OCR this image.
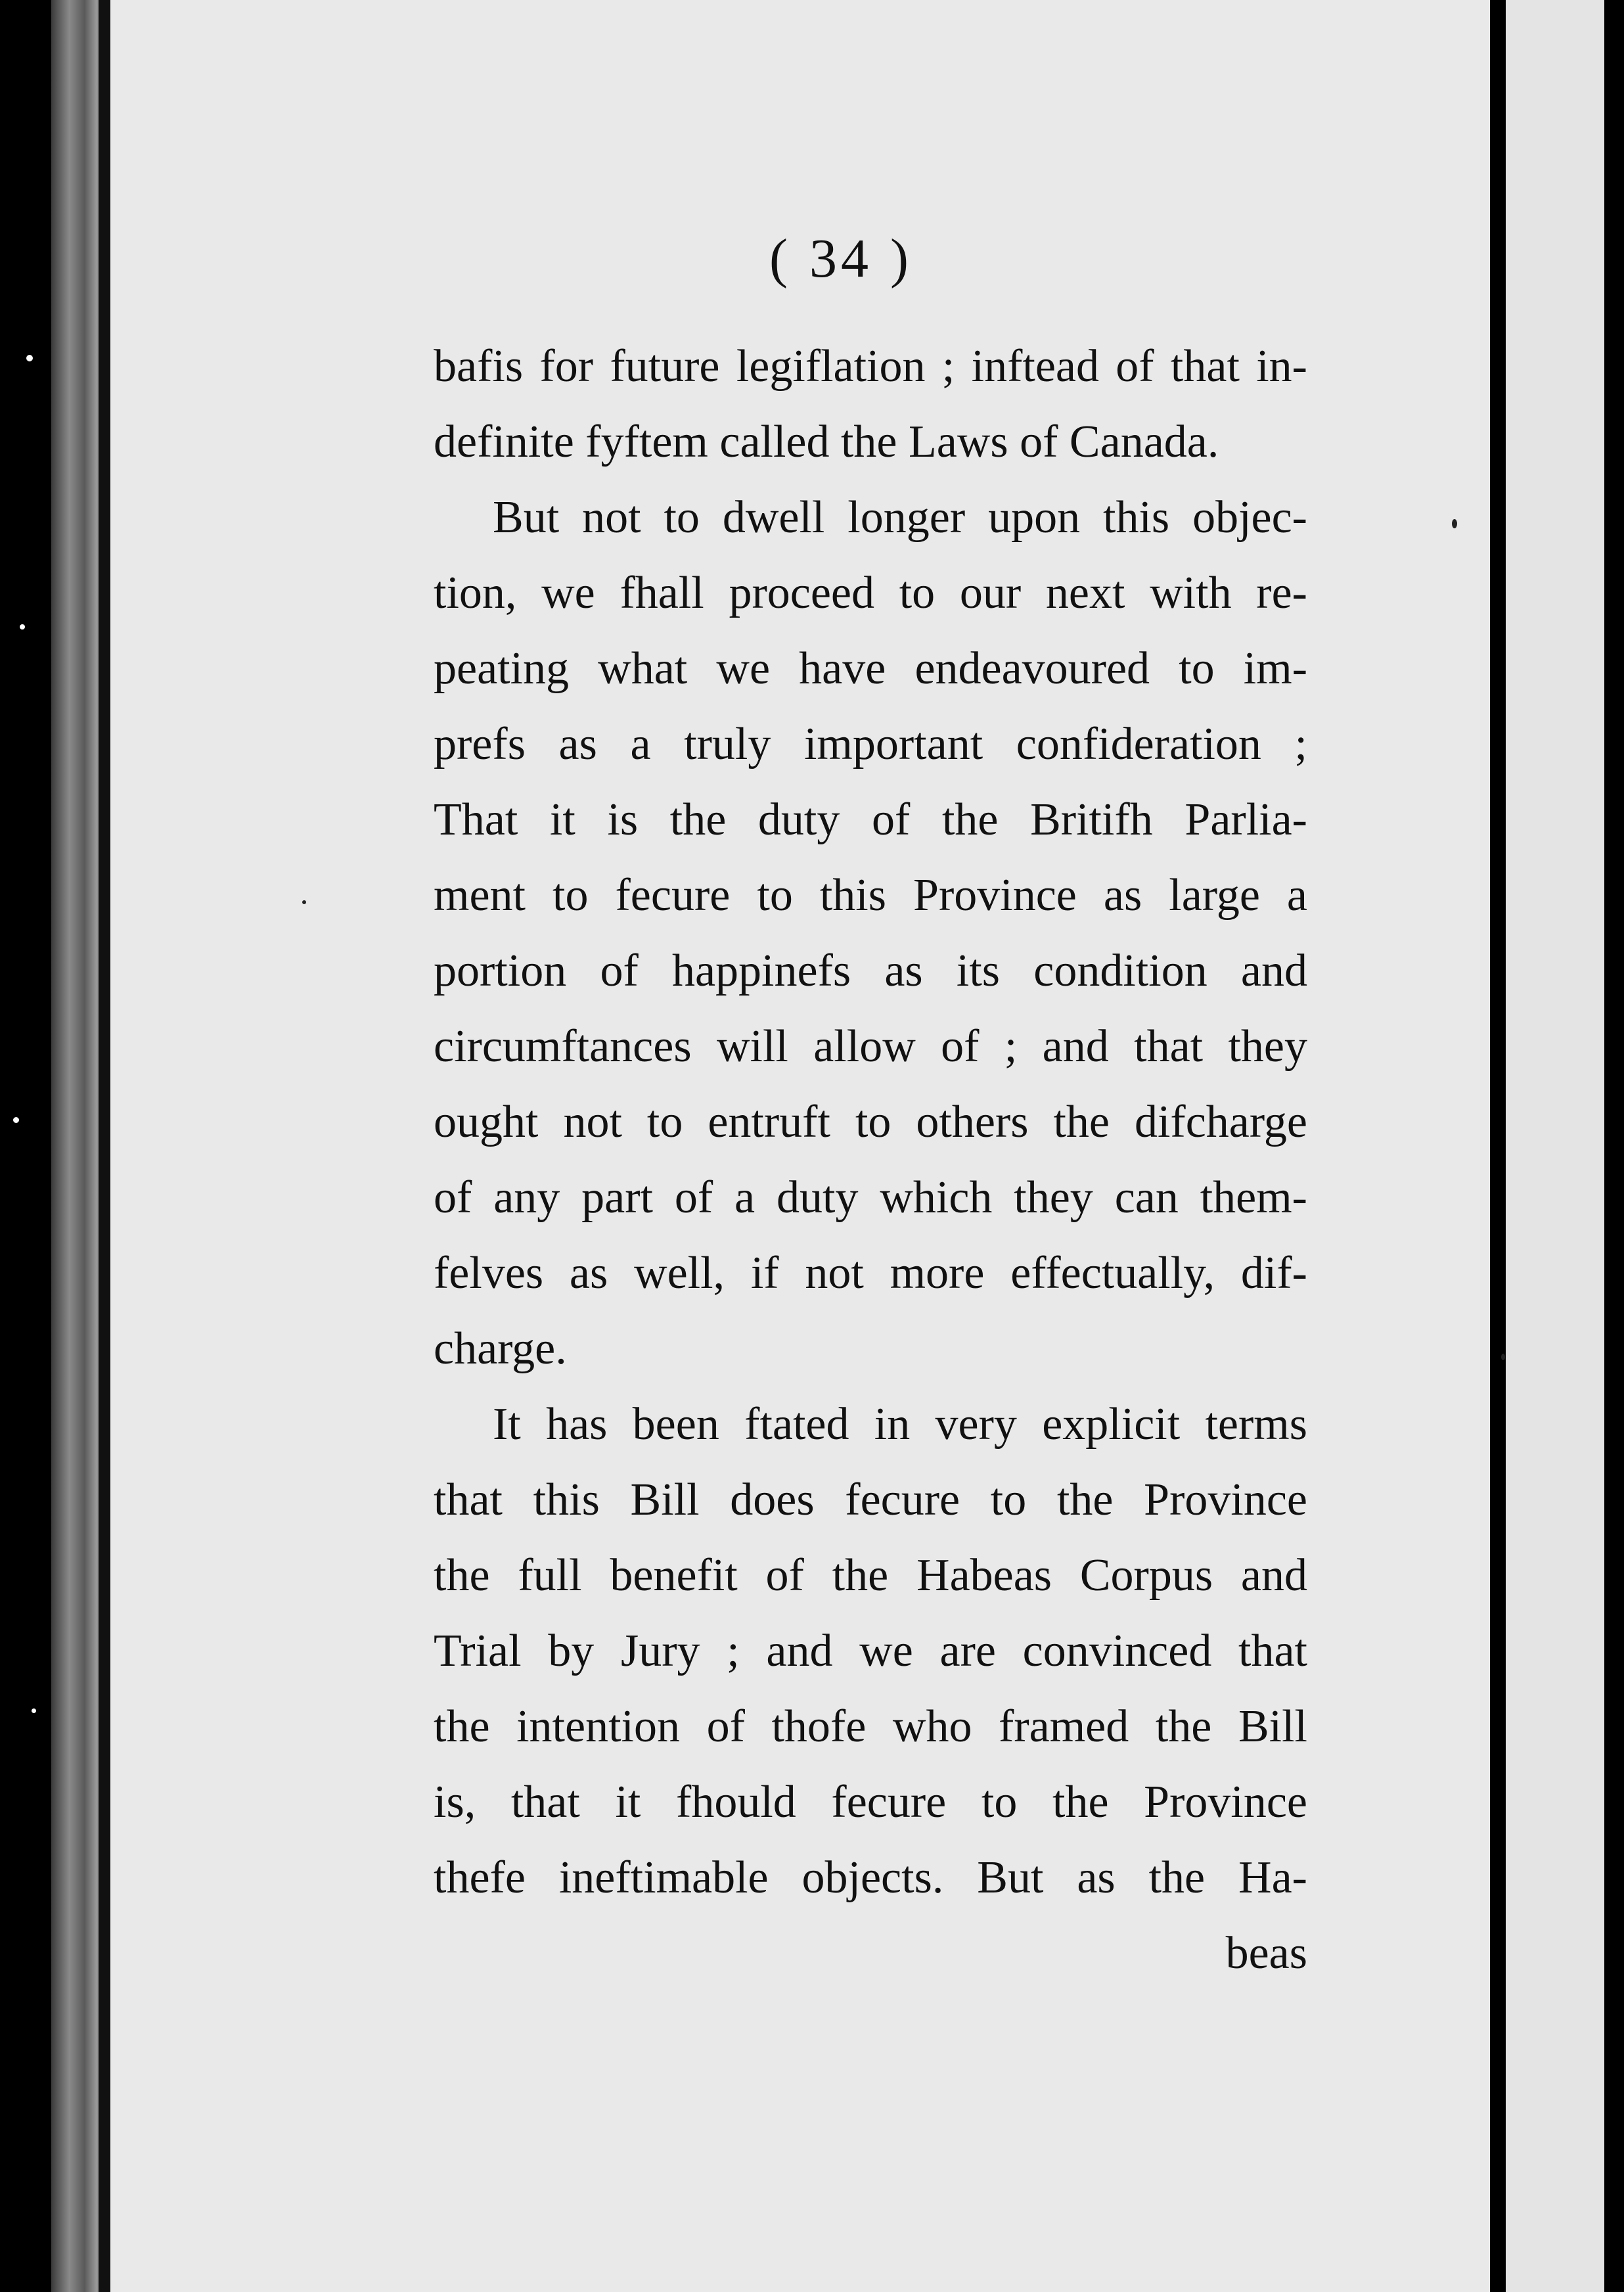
( 34 )
bafis for future legiflation ; inftead of that in-
definite fyftem called the Laws of Canada.
But not to dwell longer upon this objec-
tion, we fhall proceed to our next with re-
peating what we have endeavoured to im-
prefs as a truly important confideration ;
That it is the duty of the Britifh Parlia-
ment to fecure to this Province as large a
portion of happinefs as its condition and
circumftances will allow of ; and that they
ought not to entruft to others the difcharge
of any part of a duty which they can them-
felves as well, if not more effectually, dif-
charge.
It has been ftated in very explicit terms
that this Bill does fecure to the Province
the full benefit of the Habeas Corpus and
Trial by Jury ; and we are convinced that
the intention of thofe who framed the Bill
is, that it fhould fecure to the Province
thefe ineftimable objects. But as the Ha-
beas
